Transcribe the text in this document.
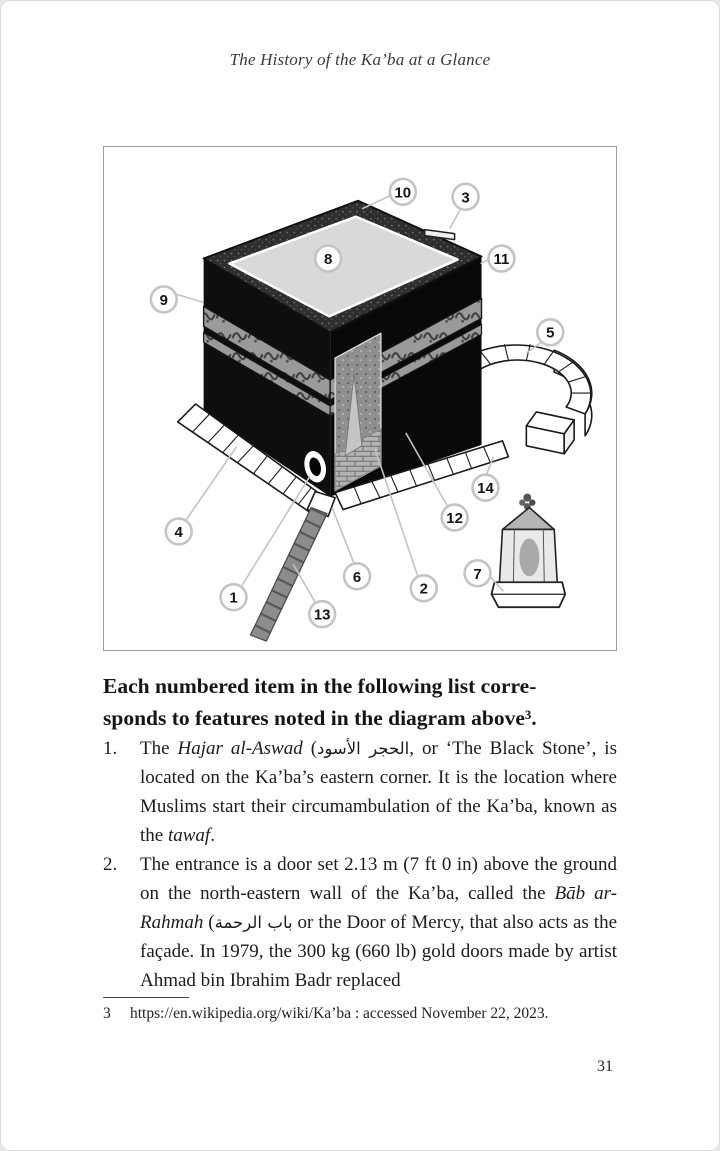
The History of the Ka’ba at a Glance
10	3
8	11
9
5
14
12
4
6
2
7
1
13
Each numbered item in the following list corre-
sponds to features noted in the diagram above³.
1.	The Hajar al-Aswad (الحجر الأسود, or ‘The Black Stone’, is located on the Ka’ba’s eastern corner. It is the location where Muslims start their circumambulation of the Ka’ba, known as the tawaf.
2.	The entrance is a door set 2.13 m (7 ft 0 in) above the ground on the north-eastern wall of the Ka’ba, called the Bāb ar-Rahmah (باب الرحمة or the Door of Mercy, that also acts as the façade. In 1979, the 300 kg (660 lb) gold doors made by artist Ahmad bin Ibrahim Badr replaced
3	https://en.wikipedia.org/wiki/Ka’ba : accessed November 22, 2023.
31
